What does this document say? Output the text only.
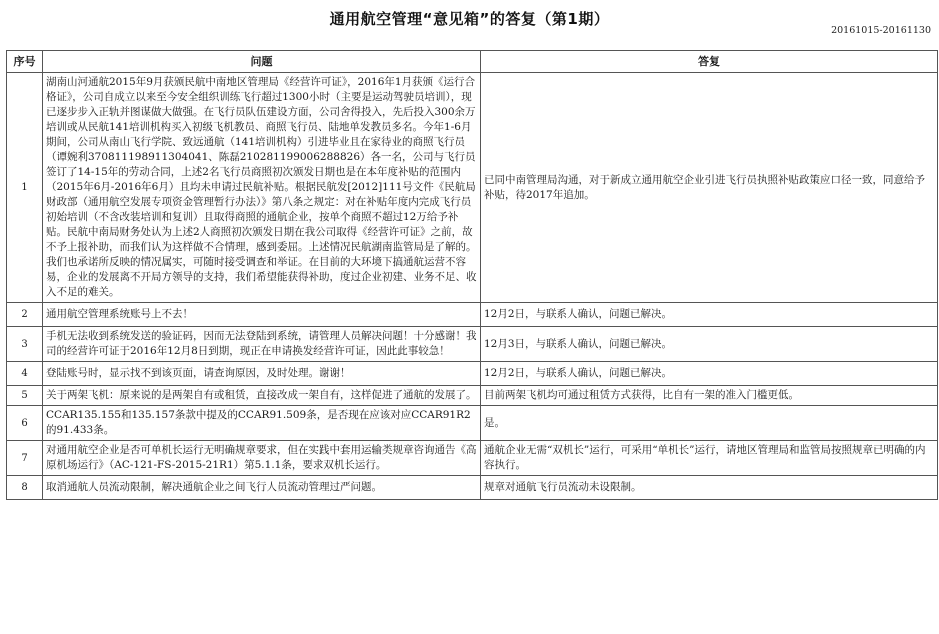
通用航空管理“意见箱”的答复（第1期）
20161015-20161130
序号	问题	答复
1	湖南山河通航2015年9月获颁民航中南地区管理局《经营许可证》，2016年1月获颁《运行合格证》，公司自成立以来至今安全组织训练飞行超过1300小时（主要是运动驾驶员培训），现已逐步步入正轨并图谋做大做强。在飞行员队伍建设方面，公司舍得投入，先后投入300余万培训或从民航141培训机构买入初级飞机教员、商照飞行员、陆地单发教员多名。今年1-6月期间，公司从南山飞行学院、致远通航（141培训机构）引进毕业且在家待业的商照飞行员（谭婉利370811198911304041、陈磊210281199006288826）各一名，公司与飞行员签订了14-15年的劳动合同，上述2名飞行员商照初次颁发日期也是在本年度补贴的范围内（2015年6月-2016年6月）且均未申请过民航补贴。根据民航发[2012]111号文件《民航局 财政部（通用航空发展专项资金管理暂行办法）》第八条之规定：对在补贴年度内完成飞行员初始培训（不含改装培训和复训）且取得商照的通航企业，按单个商照不超过12万给予补贴。民航中南局财务处认为上述2人商照初次颁发日期在我公司取得《经营许可证》之前，故不予上报补助，而我们认为这样做不合情理，感到委屈。上述情况民航湖南监管局是了解的。我们也承诺所反映的情况属实，可随时接受调查和举证。在目前的大环境下搞通航运营不容易，企业的发展离不开局方领导的支持，我们希望能获得补助，度过企业初建、业务不足、收入不足的难关。	已同中南管理局沟通，对于新成立通用航空企业引进飞行员执照补贴政策应口径一致，同意给予补贴，待2017年追加。
2	通用航空管理系统账号上不去！	12月2日，与联系人确认，问题已解决。
3	手机无法收到系统发送的验证码，因而无法登陆到系统，请管理人员解决问题！十分感谢！我司的经营许可证于2016年12月8日到期，现正在申请换发经营许可证，因此此事较急！	12月3日，与联系人确认，问题已解决。
4	登陆账号时，显示找不到该页面，请查询原因，及时处理。谢谢！	12月2日，与联系人确认，问题已解决。
5	关于两架飞机：原来说的是两架自有或租赁，直接改成一架自有，这样促进了通航的发展了。	目前两架飞机均可通过租赁方式获得，比自有一架的准入门槛更低。
6	CCAR135.155和135.157条款中提及的CCAR91.509条，是否现在应该对应CCAR91R2的91.433条。	是。
7	对通用航空企业是否可单机长运行无明确规章要求，但在实践中套用运输类规章咨询通告《高原机场运行》（AC-121-FS-2015-21R1）第5.1.1条，要求双机长运行。	通航企业无需“双机长”运行，可采用“单机长”运行，请地区管理局和监管局按照规章已明确的内容执行。
8	取消通航人员流动限制，解决通航企业之间飞行人员流动管理过严问题。	规章对通航飞行员流动未设限制。
